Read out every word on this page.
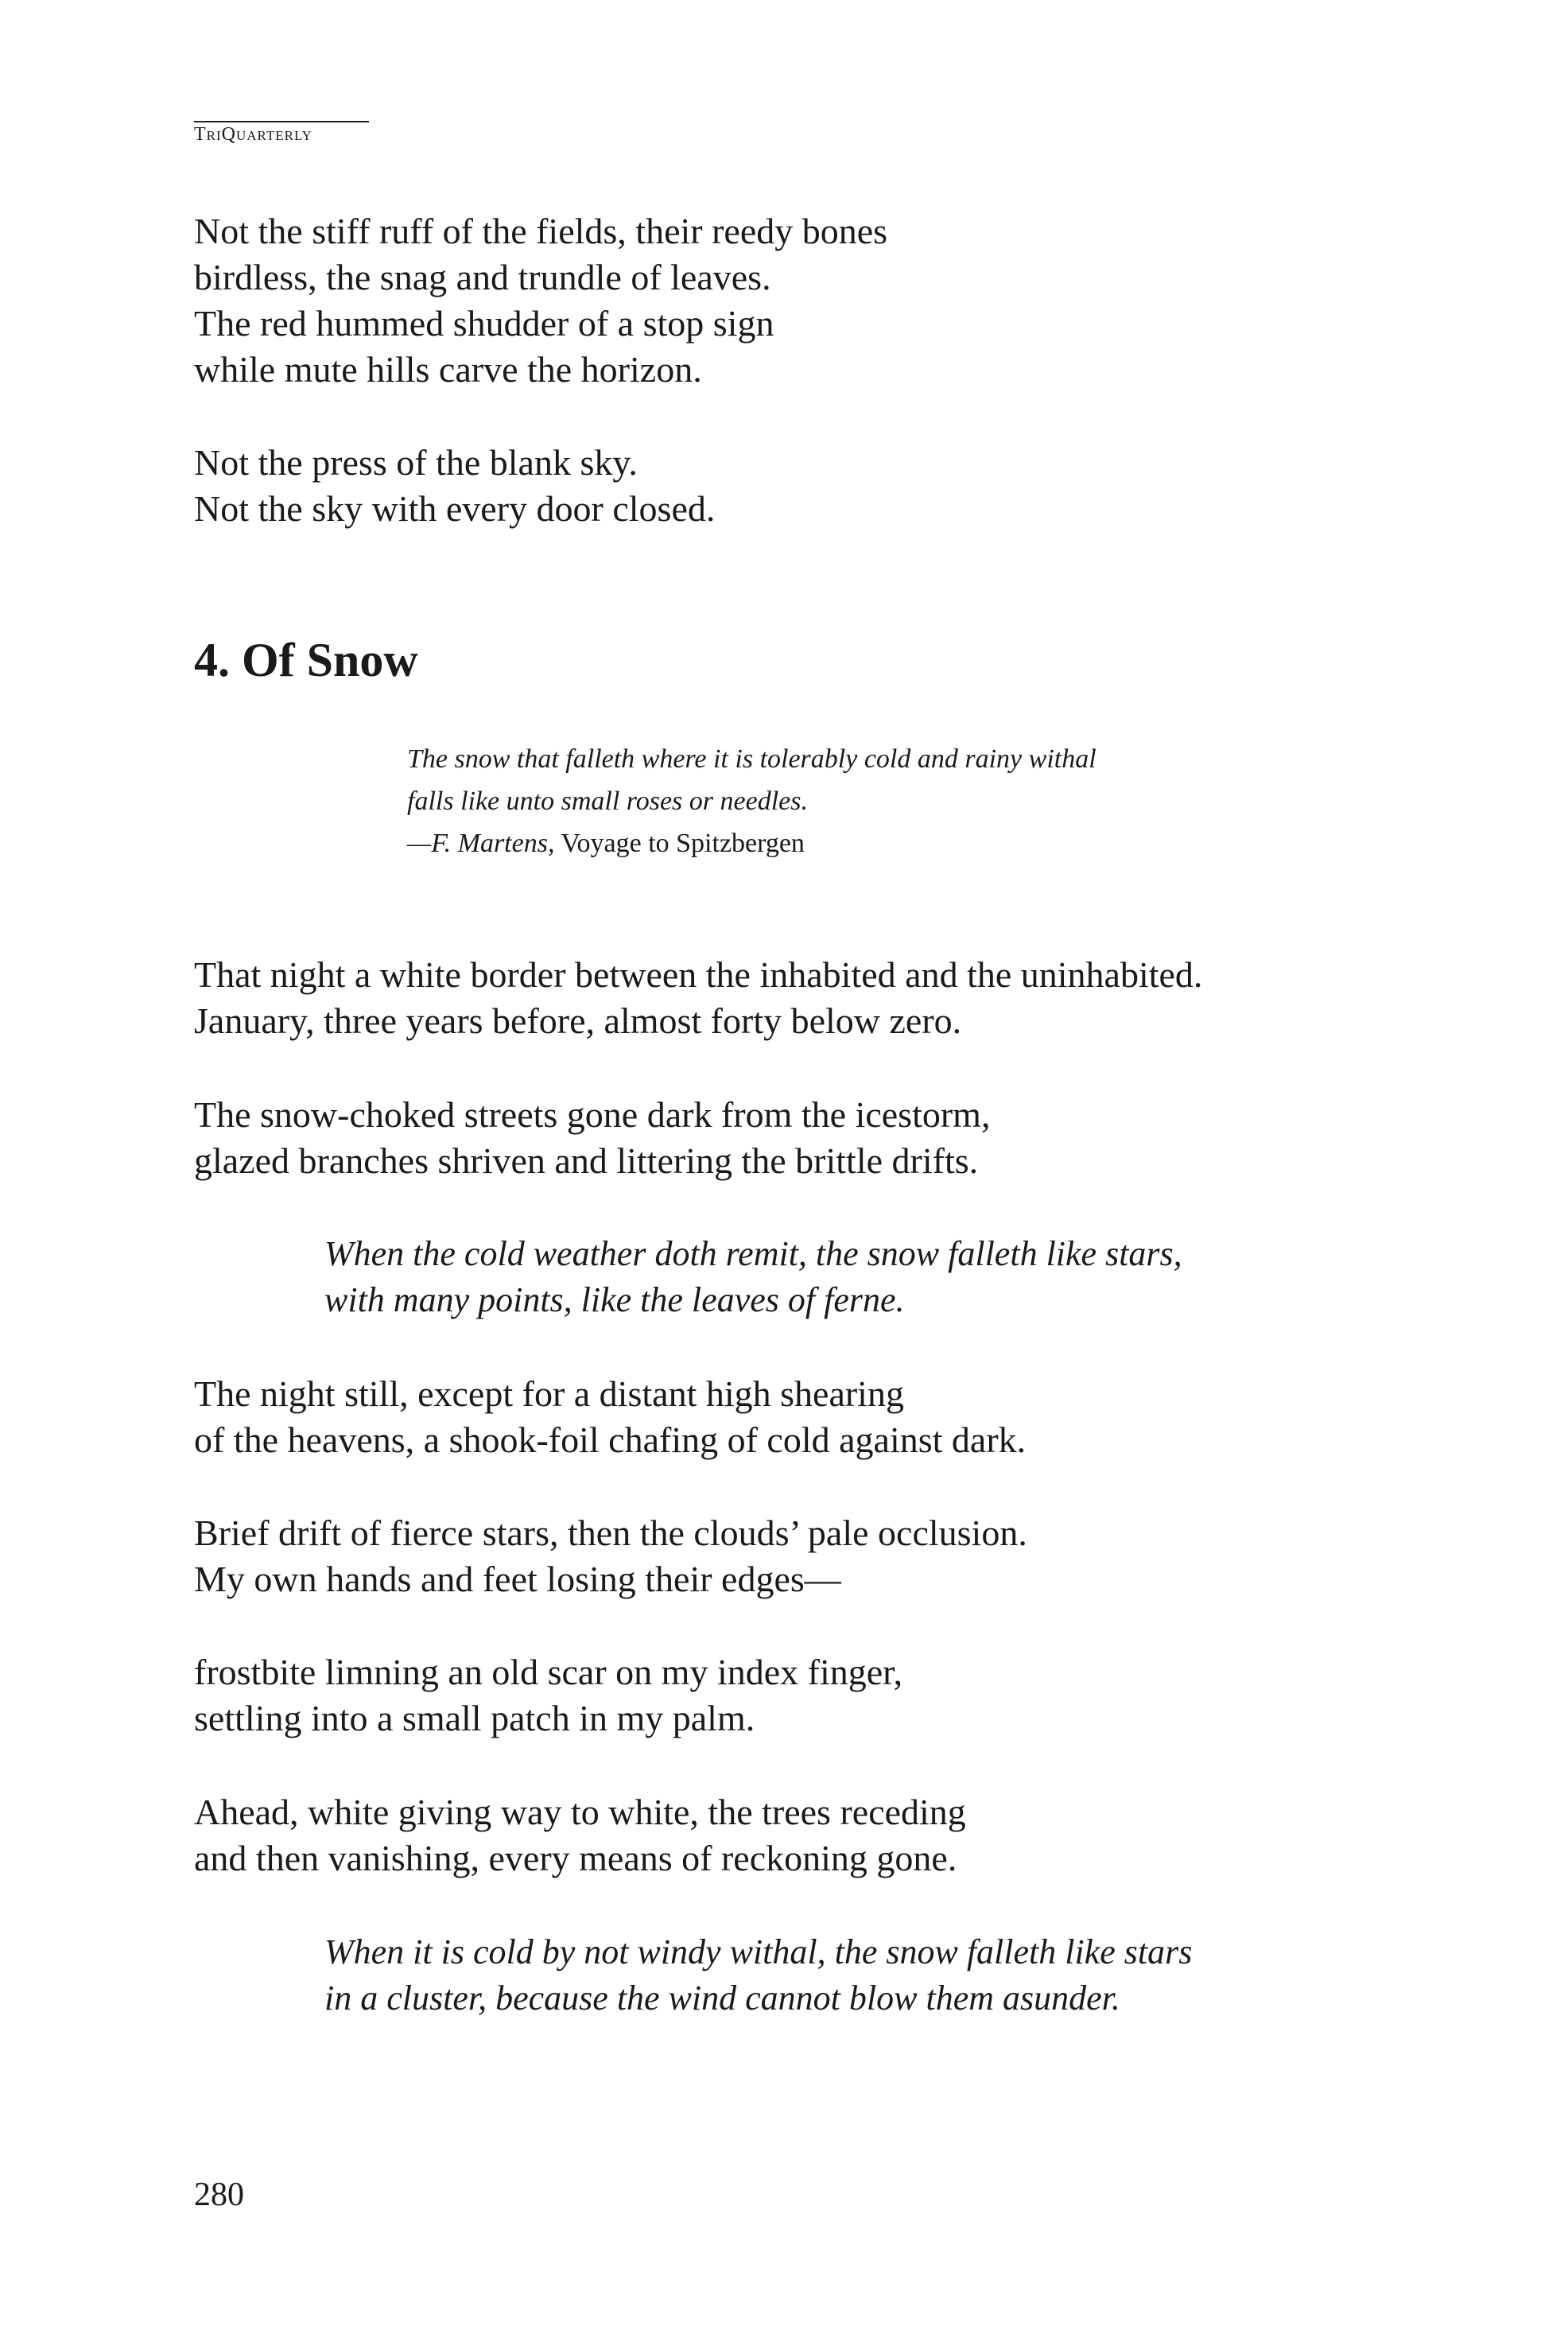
TriQuarterly
Not the stiff ruff of the fields, their reedy bones
birdless, the snag and trundle of leaves.
The red hummed shudder of a stop sign
while mute hills carve the horizon.
Not the press of the blank sky.
Not the sky with every door closed.
4. Of Snow
The snow that falleth where it is tolerably cold and rainy withal
falls like unto small roses or needles.
—F. Martens, Voyage to Spitzbergen
That night a white border between the inhabited and the uninhabited.
January, three years before, almost forty below zero.
The snow-choked streets gone dark from the icestorm,
glazed branches shriven and littering the brittle drifts.
When the cold weather doth remit, the snow falleth like stars,
with many points, like the leaves of ferne.
The night still, except for a distant high shearing
of the heavens, a shook-foil chafing of cold against dark.
Brief drift of fierce stars, then the clouds’ pale occlusion.
My own hands and feet losing their edges—
frostbite limning an old scar on my index finger,
settling into a small patch in my palm.
Ahead, white giving way to white, the trees receding
and then vanishing, every means of reckoning gone.
When it is cold by not windy withal, the snow falleth like stars
in a cluster, because the wind cannot blow them asunder.
280
